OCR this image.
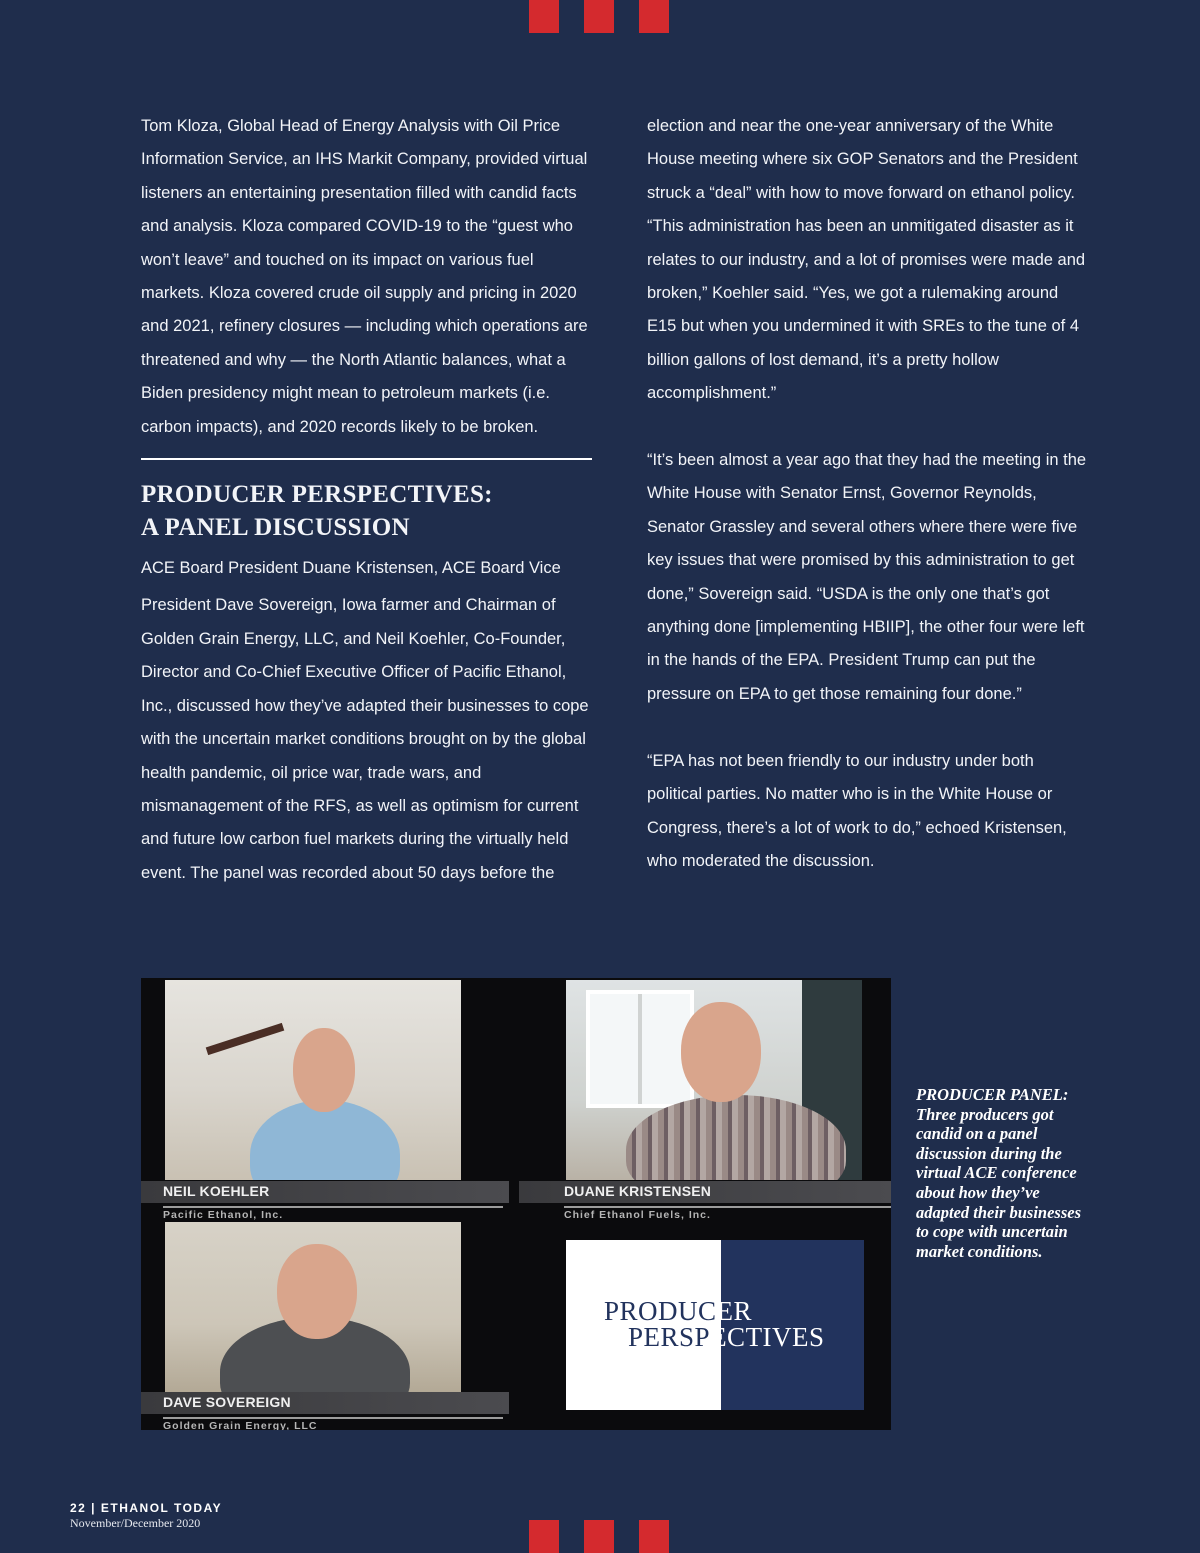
Tom Kloza, Global Head of Energy Analysis with Oil Price Information Service, an IHS Markit Company, provided virtual listeners an entertaining presentation filled with candid facts and analysis. Kloza compared COVID-19 to the “guest who won’t leave” and touched on its impact on various fuel markets. Kloza covered crude oil supply and pricing in 2020 and 2021, refinery closures — including which operations are threatened and why — the North Atlantic balances, what a Biden presidency might mean to petroleum markets (i.e. carbon impacts), and 2020 records likely to be broken.

PRODUCER PERSPECTIVES:
A PANEL DISCUSSION

ACE Board President Duane Kristensen, ACE Board Vice

President Dave Sovereign, Iowa farmer and Chairman of Golden Grain Energy, LLC, and Neil Koehler, Co-Founder, Director and Co-Chief Executive Officer of Pacific Ethanol, Inc., discussed how they’ve adapted their businesses to cope with the uncertain market conditions brought on by the global health pandemic, oil price war, trade wars, and mismanagement of the RFS, as well as optimism for current and future low carbon fuel markets during the virtually held event. The panel was recorded about 50 days before the

election and near the one-year anniversary of the White House meeting where six GOP Senators and the President struck a “deal” with how to move forward on ethanol policy. “This administration has been an unmitigated disaster as it relates to our industry, and a lot of promises were made and broken,” Koehler said. “Yes, we got a rulemaking around E15 but when you undermined it with SREs to the tune of 4 billion gallons of lost demand, it’s a pretty hollow accomplishment.”

“It’s been almost a year ago that they had the meeting in the White House with Senator Ernst, Governor Reynolds, Senator Grassley and several others where there were five key issues that were promised by this administration to get done,” Sovereign said. “USDA is the only one that’s got anything done [implementing HBIIP], the other four were left in the hands of the EPA. President Trump can put the pressure on EPA to get those remaining four done.”

“EPA has not been friendly to our industry under both political parties. No matter who is in the White House or Congress, there’s a lot of work to do,” echoed Kristensen, who moderated the discussion.

NEIL KOEHLER
Pacific Ethanol, Inc.
DUANE KRISTENSEN
Chief Ethanol Fuels, Inc.
DAVE SOVEREIGN
Golden Grain Energy, LLC
PRODUCER
PERSPECTIVES

PRODUCER PANEL: Three producers got candid on a panel discussion during the virtual ACE conference about how they’ve adapted their businesses to cope with uncertain market conditions.

22 | ETHANOL TODAY
November/December 2020
